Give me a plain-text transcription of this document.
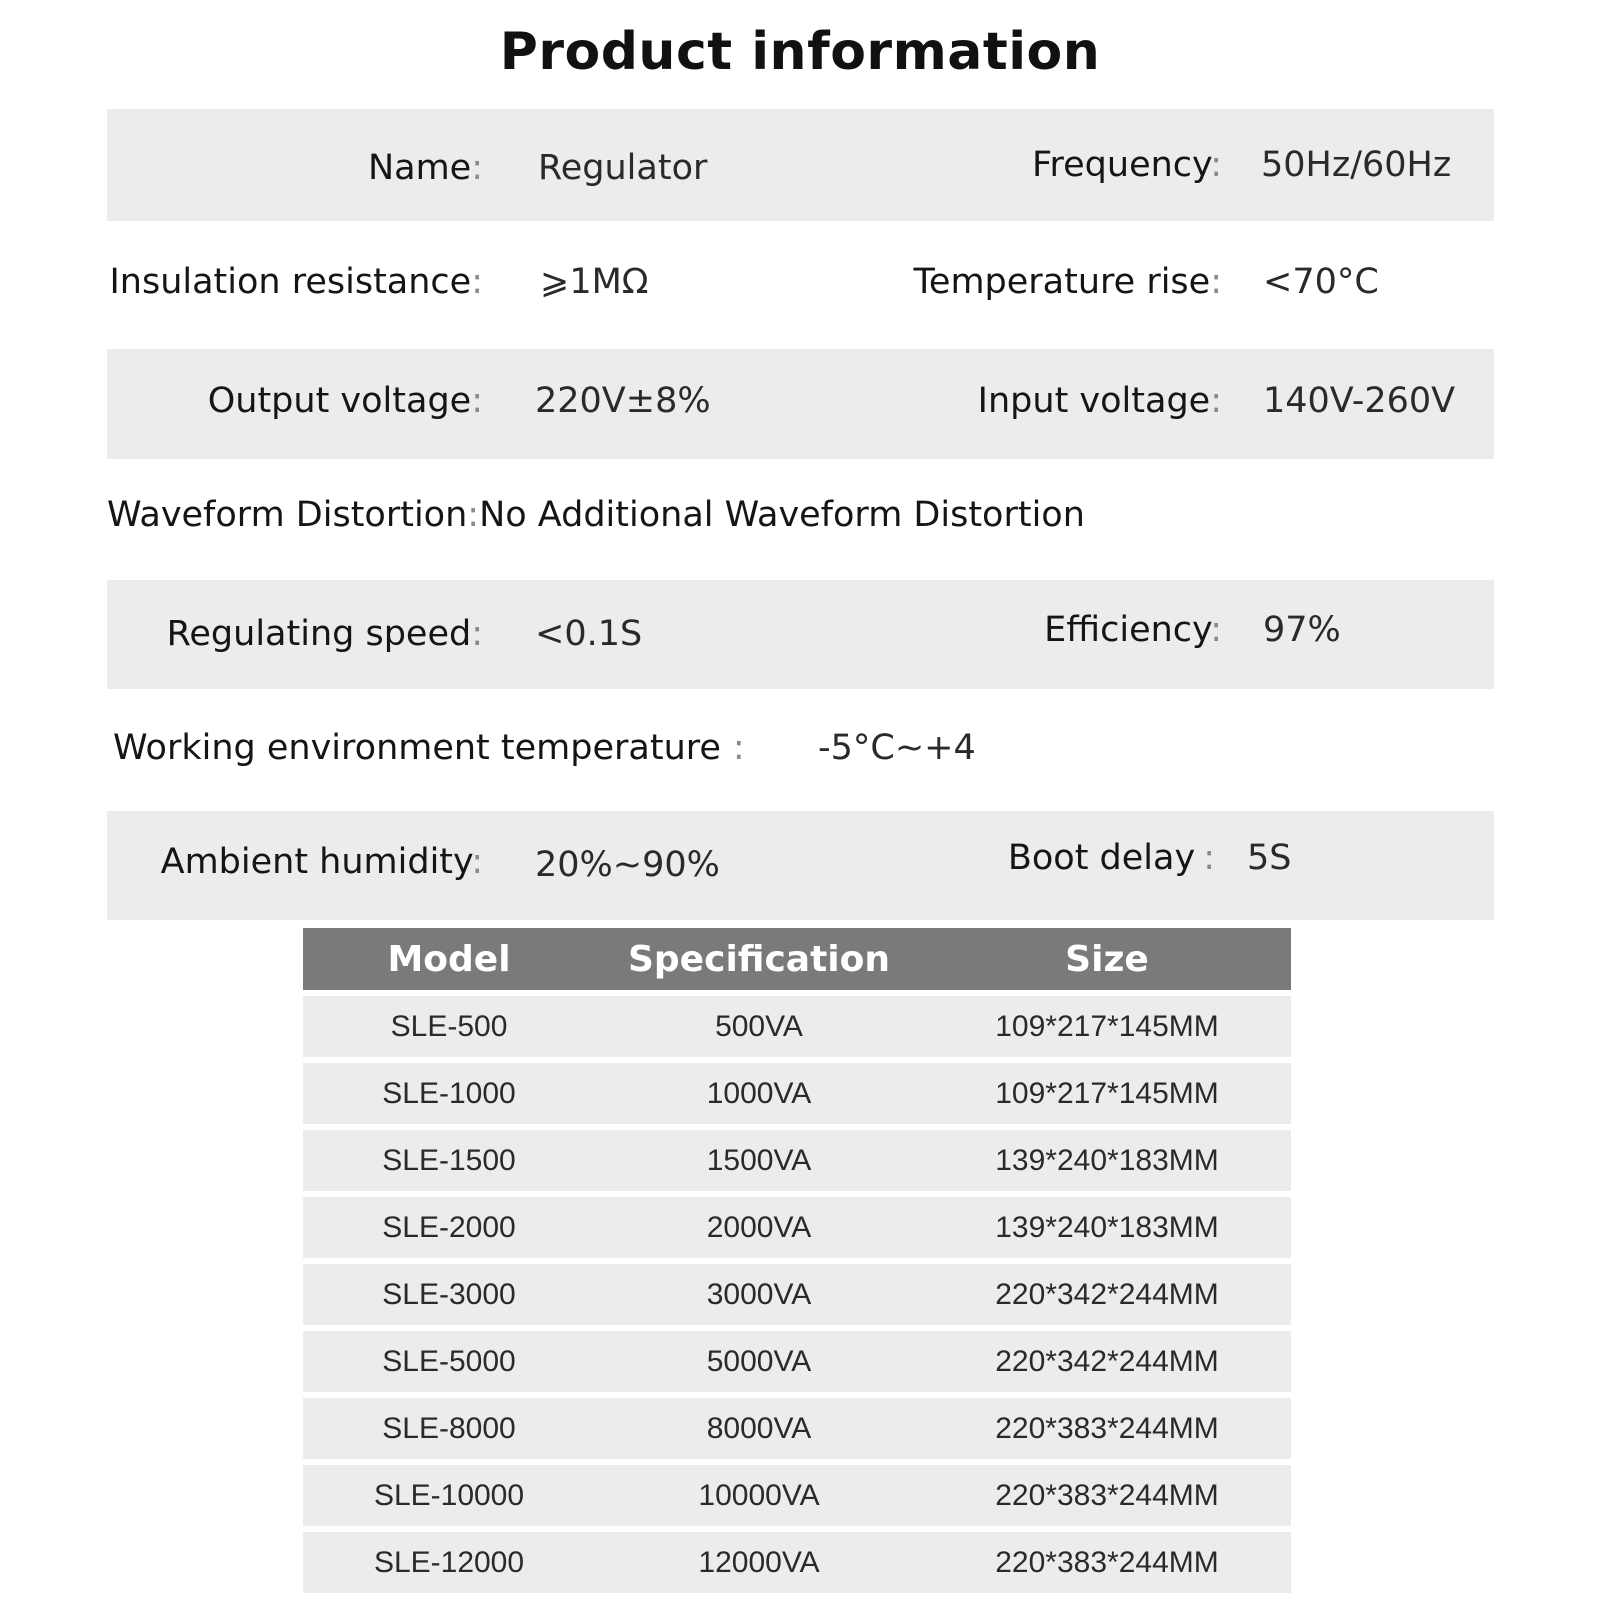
Product information
Name: Regulator	Frequency: 50Hz/60Hz
Insulation resistance: ⩾1MΩ	Temperature rise: <70°C
Output voltage: 220V±8%	Input voltage: 140V-260V
Waveform Distortion:No Additional Waveform Distortion
Regulating speed: <0.1S	Efficiency: 97%
Working environment temperature : -5°C~+4
Ambient humidity: 20%~90%	Boot delay : 5S
Model	Specification	Size
SLE-500	500VA	109*217*145MM
SLE-1000	1000VA	109*217*145MM
SLE-1500	1500VA	139*240*183MM
SLE-2000	2000VA	139*240*183MM
SLE-3000	3000VA	220*342*244MM
SLE-5000	5000VA	220*342*244MM
SLE-8000	8000VA	220*383*244MM
SLE-10000	10000VA	220*383*244MM
SLE-12000	12000VA	220*383*244MM
